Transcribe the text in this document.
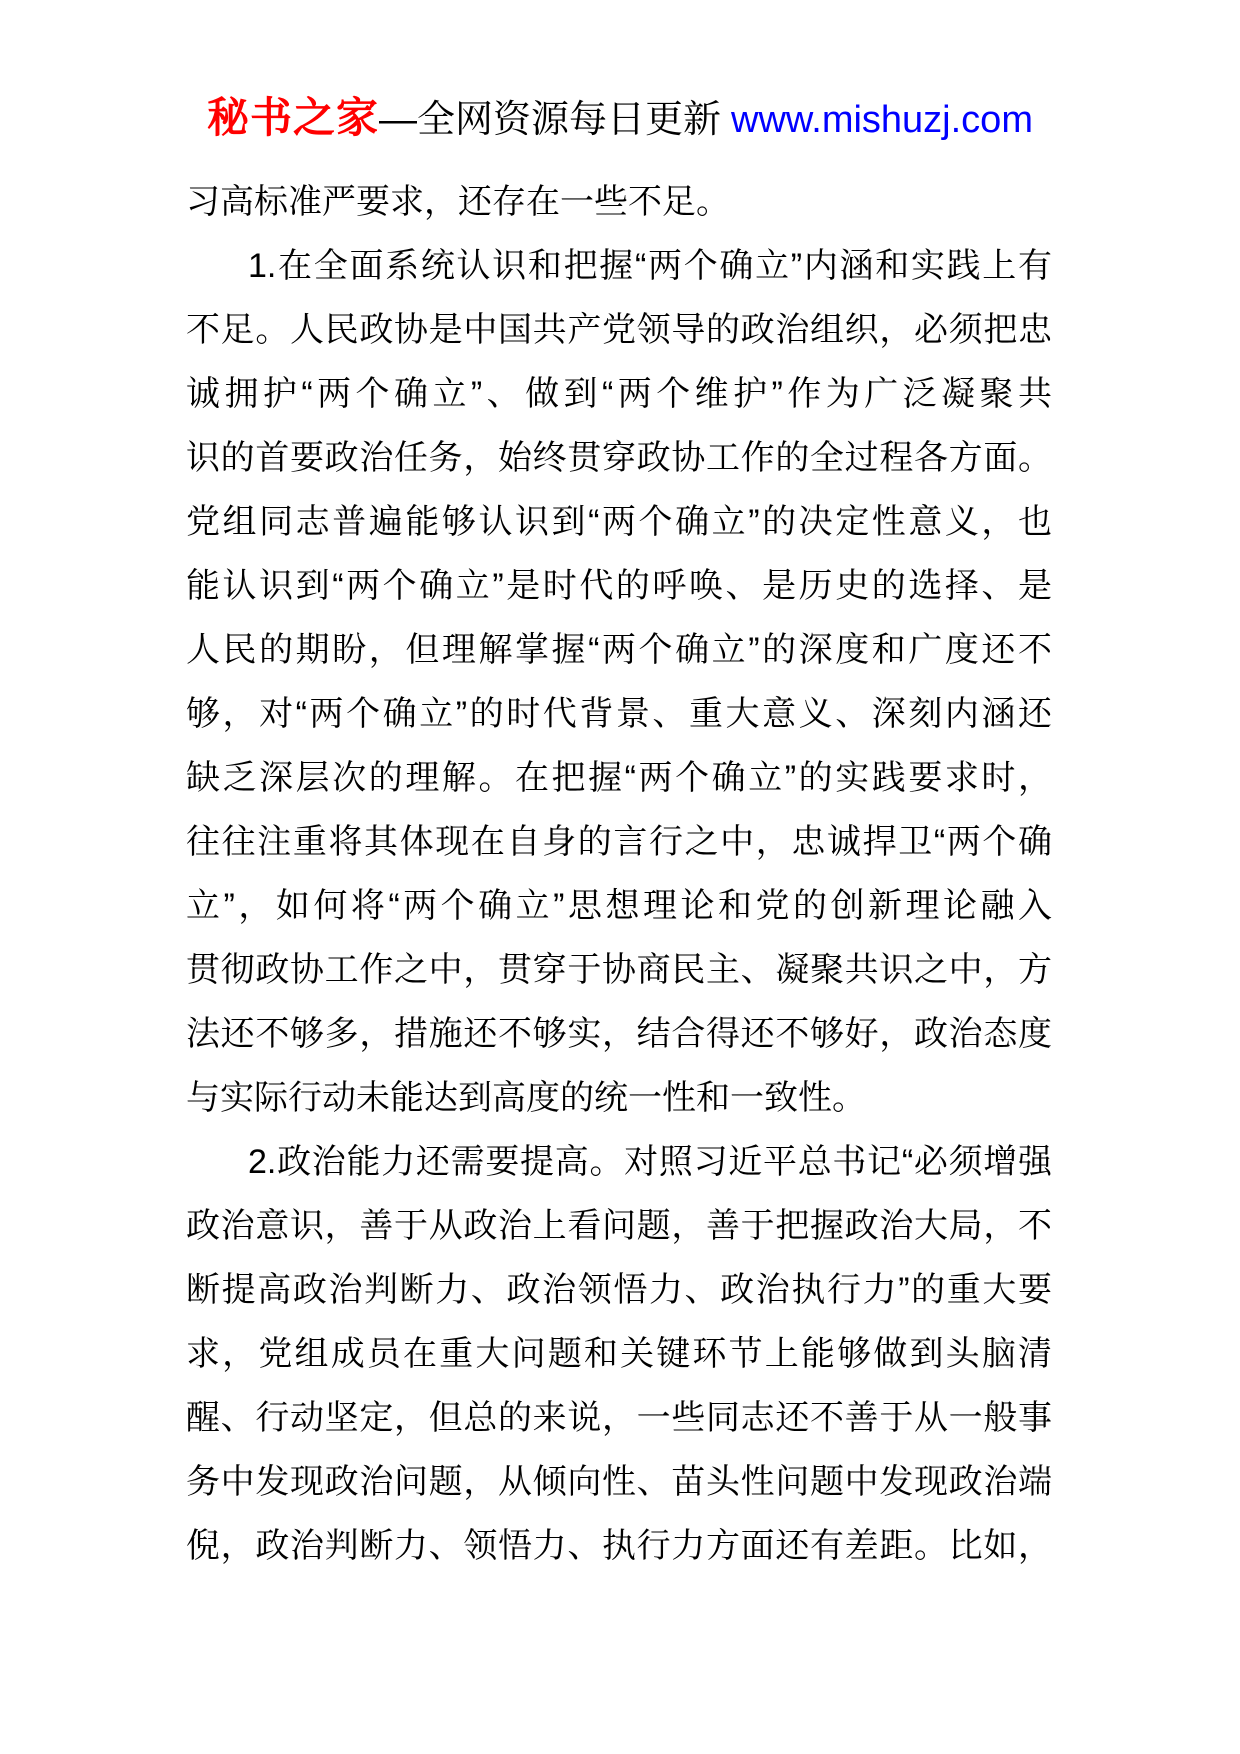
秘书之家—全网资源每日更新 www.mishuzj.com
习高标准严要求，还存在一些不足。
1.在全面系统认识和把握“两个确立”内涵和实践上有
不足。人民政协是中国共产党领导的政治组织，必须把忠
诚拥护“两个确立”、做到“两个维护”作为广泛凝聚共
识的首要政治任务，始终贯穿政协工作的全过程各方面。
党组同志普遍能够认识到“两个确立”的决定性意义，也
能认识到“两个确立”是时代的呼唤、是历史的选择、是
人民的期盼，但理解掌握“两个确立”的深度和广度还不
够，对“两个确立”的时代背景、重大意义、深刻内涵还
缺乏深层次的理解。在把握“两个确立”的实践要求时，
往往注重将其体现在自身的言行之中，忠诚捍卫“两个确
立”，如何将“两个确立”思想理论和党的创新理论融入
贯彻政协工作之中，贯穿于协商民主、凝聚共识之中，方
法还不够多，措施还不够实，结合得还不够好，政治态度
与实际行动未能达到高度的统一性和一致性。
2.政治能力还需要提高。对照习近平总书记“必须增强
政治意识，善于从政治上看问题，善于把握政治大局，不
断提高政治判断力、政治领悟力、政治执行力”的重大要
求，党组成员在重大问题和关键环节上能够做到头脑清
醒、行动坚定，但总的来说，一些同志还不善于从一般事
务中发现政治问题，从倾向性、苗头性问题中发现政治端
倪，政治判断力、领悟力、执行力方面还有差距。比如，
